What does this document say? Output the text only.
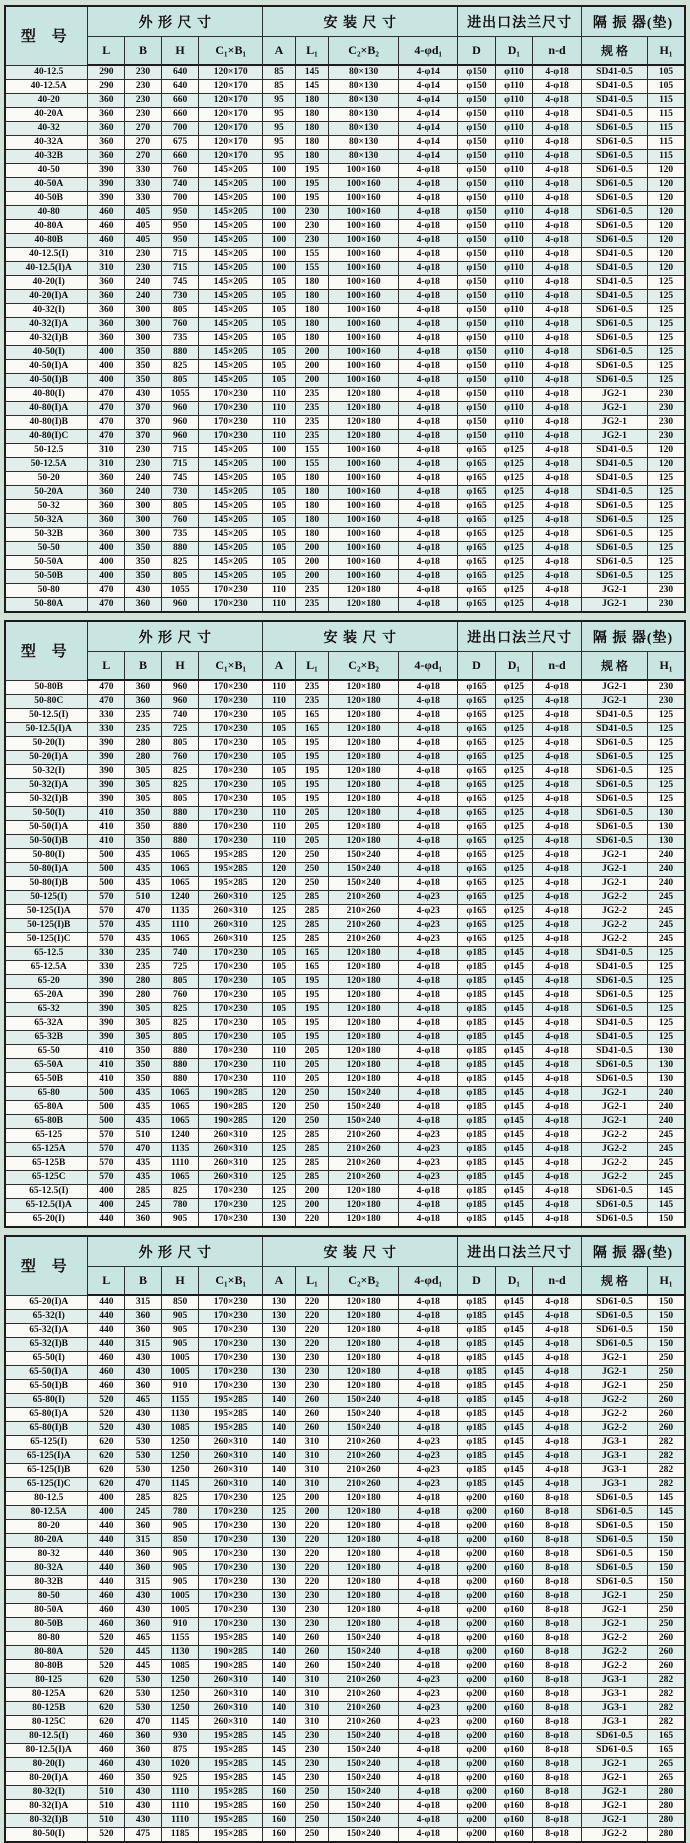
型 号	外 形 尺 寸				安 装 尺 寸				进出口法兰尺寸			隔 振 器(垫)	
	L	B	H	C₁×B₁	A	L₁	C₂×B₂	4-φd₁	D	D₁	n-d	规 格	H₁
40-12.5	290	230	640	120×170	85	145	80×130	4-φ14	φ150	φ110	4-φ18	SD41-0.5	105
40-12.5A	290	230	640	120×170	85	145	80×130	4-φ14	φ150	φ110	4-φ18	SD41-0.5	105
40-20	360	230	660	120×170	95	180	80×130	4-φ14	φ150	φ110	4-φ18	SD41-0.5	115
40-20A	360	230	660	120×170	95	180	80×130	4-φ14	φ150	φ110	4-φ18	SD41-0.5	115
40-32	360	270	700	120×170	95	180	80×130	4-φ14	φ150	φ110	4-φ18	SD61-0.5	115
40-32A	360	270	675	120×170	95	180	80×130	4-φ14	φ150	φ110	4-φ18	SD61-0.5	115
40-32B	360	270	660	120×170	95	180	80×130	4-φ14	φ150	φ110	4-φ18	SD61-0.5	115
40-50	390	330	760	145×205	100	195	100×160	4-φ18	φ150	φ110	4-φ18	SD61-0.5	120
40-50A	390	330	740	145×205	100	195	100×160	4-φ18	φ150	φ110	4-φ18	SD61-0.5	120
40-50B	390	330	700	145×205	100	195	100×160	4-φ18	φ150	φ110	4-φ18	SD61-0.5	120
40-80	460	405	950	145×205	100	230	100×160	4-φ18	φ150	φ110	4-φ18	SD61-0.5	120
40-80A	460	405	950	145×205	100	230	100×160	4-φ18	φ150	φ110	4-φ18	SD61-0.5	120
40-80B	460	405	950	145×205	100	230	100×160	4-φ18	φ150	φ110	4-φ18	SD61-0.5	120
40-12.5(I)	310	230	715	145×205	100	155	100×160	4-φ18	φ150	φ110	4-φ18	SD41-0.5	120
40-12.5(I)A	310	230	715	145×205	100	155	100×160	4-φ18	φ150	φ110	4-φ18	SD41-0.5	120
40-20(I)	360	240	745	145×205	105	180	100×160	4-φ18	φ150	φ110	4-φ18	SD41-0.5	125
40-20(I)A	360	240	730	145×205	105	180	100×160	4-φ18	φ150	φ110	4-φ18	SD41-0.5	125
40-32(I)	360	300	805	145×205	105	180	100×160	4-φ18	φ150	φ110	4-φ18	SD61-0.5	125
40-32(I)A	360	300	760	145×205	105	180	100×160	4-φ18	φ150	φ110	4-φ18	SD61-0.5	125
40-32(I)B	360	300	735	145×205	105	180	100×160	4-φ18	φ150	φ110	4-φ18	SD61-0.5	125
40-50(I)	400	350	880	145×205	105	200	100×160	4-φ18	φ150	φ110	4-φ18	SD61-0.5	125
40-50(I)A	400	350	825	145×205	105	200	100×160	4-φ18	φ150	φ110	4-φ18	SD61-0.5	125
40-50(I)B	400	350	805	145×205	105	200	100×160	4-φ18	φ150	φ110	4-φ18	SD61-0.5	125
40-80(I)	470	430	1055	170×230	110	235	120×180	4-φ18	φ150	φ110	4-φ18	JG2-1	230
40-80(I)A	470	370	960	170×230	110	235	120×180	4-φ18	φ150	φ110	4-φ18	JG2-1	230
40-80(I)B	470	370	960	170×230	110	235	120×180	4-φ18	φ150	φ110	4-φ18	JG2-1	230
40-80(I)C	470	370	960	170×230	110	235	120×180	4-φ18	φ150	φ110	4-φ18	JG2-1	230
50-12.5	310	230	715	145×205	100	155	100×160	4-φ18	φ165	φ125	4-φ18	SD41-0.5	120
50-12.5A	310	230	715	145×205	100	155	100×160	4-φ18	φ165	φ125	4-φ18	SD41-0.5	120
50-20	360	240	745	145×205	105	180	100×160	4-φ18	φ165	φ125	4-φ18	SD41-0.5	125
50-20A	360	240	730	145×205	105	180	100×160	4-φ18	φ165	φ125	4-φ18	SD41-0.5	125
50-32	360	300	805	145×205	105	180	100×160	4-φ18	φ165	φ125	4-φ18	SD61-0.5	125
50-32A	360	300	760	145×205	105	180	100×160	4-φ18	φ165	φ125	4-φ18	SD61-0.5	125
50-32B	360	300	735	145×205	105	180	100×160	4-φ18	φ165	φ125	4-φ18	SD61-0.5	125
50-50	400	350	880	145×205	105	200	100×160	4-φ18	φ165	φ125	4-φ18	SD61-0.5	125
50-50A	400	350	825	145×205	105	200	100×160	4-φ18	φ165	φ125	4-φ18	SD61-0.5	125
50-50B	400	350	805	145×205	105	200	100×160	4-φ18	φ165	φ125	4-φ18	SD61-0.5	125
50-80	470	430	1055	170×230	110	235	120×180	4-φ18	φ165	φ125	4-φ18	JG2-1	230
50-80A	470	360	960	170×230	110	235	120×180	4-φ18	φ165	φ125	4-φ18	JG2-1	230
型 号	外 形 尺 寸				安 装 尺 寸				进出口法兰尺寸			隔 振 器(垫)	
	L	B	H	C₁×B₁	A	L₁	C₂×B₂	4-φd₁	D	D₁	n-d	规 格	H₁
50-80B	470	360	960	170×230	110	235	120×180	4-φ18	φ165	φ125	4-φ18	JG2-1	230
50-80C	470	360	960	170×230	110	235	120×180	4-φ18	φ165	φ125	4-φ18	JG2-1	230
50-12.5(I)	330	235	740	170×230	105	165	120×180	4-φ18	φ165	φ125	4-φ18	SD41-0.5	125
50-12.5(I)A	330	235	725	170×230	105	165	120×180	4-φ18	φ165	φ125	4-φ18	SD41-0.5	125
50-20(I)	390	280	805	170×230	105	195	120×180	4-φ18	φ165	φ125	4-φ18	SD61-0.5	125
50-20(I)A	390	280	760	170×230	105	195	120×180	4-φ18	φ165	φ125	4-φ18	SD61-0.5	125
50-32(I)	390	305	825	170×230	105	195	120×180	4-φ18	φ165	φ125	4-φ18	SD61-0.5	125
50-32(I)A	390	305	825	170×230	105	195	120×180	4-φ18	φ165	φ125	4-φ18	SD61-0.5	125
50-32(I)B	390	305	805	170×230	105	195	120×180	4-φ18	φ165	φ125	4-φ18	SD61-0.5	125
50-50(I)	410	350	880	170×230	110	205	120×180	4-φ18	φ165	φ125	4-φ18	SD61-0.5	130
50-50(I)A	410	350	880	170×230	110	205	120×180	4-φ18	φ165	φ125	4-φ18	SD61-0.5	130
50-50(I)B	410	350	880	170×230	110	205	120×180	4-φ18	φ165	φ125	4-φ18	SD61-0.5	130
50-80(I)	500	435	1065	195×285	120	250	150×240	4-φ18	φ165	φ125	4-φ18	JG2-1	240
50-80(I)A	500	435	1065	195×285	120	250	150×240	4-φ18	φ165	φ125	4-φ18	JG2-1	240
50-80(I)B	500	435	1065	195×285	120	250	150×240	4-φ18	φ165	φ125	4-φ18	JG2-1	240
50-125(I)	570	510	1240	260×310	125	285	210×260	4-φ23	φ165	φ125	4-φ18	JG2-2	245
50-125(I)A	570	470	1135	260×310	125	285	210×260	4-φ23	φ165	φ125	4-φ18	JG2-2	245
50-125(I)B	570	435	1110	260×310	125	285	210×260	4-φ23	φ165	φ125	4-φ18	JG2-2	245
50-125(I)C	570	435	1065	260×310	125	285	210×260	4-φ23	φ165	φ125	4-φ18	JG2-2	245
65-12.5	330	235	740	170×230	105	165	120×180	4-φ18	φ185	φ145	4-φ18	SD41-0.5	125
65-12.5A	330	235	725	170×230	105	165	120×180	4-φ18	φ185	φ145	4-φ18	SD41-0.5	125
65-20	390	280	805	170×230	105	195	120×180	4-φ18	φ185	φ145	4-φ18	SD61-0.5	125
65-20A	390	280	760	170×230	105	195	120×180	4-φ18	φ185	φ145	4-φ18	SD61-0.5	125
65-32	390	305	825	170×230	105	195	120×180	4-φ18	φ185	φ145	4-φ18	SD61-0.5	125
65-32A	390	305	825	170×230	105	195	120×180	4-φ18	φ185	φ145	4-φ18	SD41-0.5	125
65-32B	390	305	805	170×230	105	195	120×180	4-φ18	φ185	φ145	4-φ18	SD41-0.5	125
65-50	410	350	880	170×230	110	205	120×180	4-φ18	φ185	φ145	4-φ18	SD41-0.5	130
65-50A	410	350	880	170×230	110	205	120×180	4-φ18	φ185	φ145	4-φ18	SD61-0.5	130
65-50B	410	350	880	170×230	110	205	120×180	4-φ18	φ185	φ145	4-φ18	SD61-0.5	130
65-80	500	435	1065	190×285	120	250	150×240	4-φ18	φ185	φ145	4-φ18	JG2-1	240
65-80A	500	435	1065	190×285	120	250	150×240	4-φ18	φ185	φ145	4-φ18	JG2-1	240
65-80B	500	435	1065	190×285	120	250	150×240	4-φ18	φ185	φ145	4-φ18	JG2-1	240
65-125	570	510	1240	260×310	125	285	210×260	4-φ23	φ185	φ145	4-φ18	JG2-2	245
65-125A	570	470	1135	260×310	125	285	210×260	4-φ23	φ185	φ145	4-φ18	JG2-2	245
65-125B	570	435	1110	260×310	125	285	210×260	4-φ23	φ185	φ145	4-φ18	JG2-2	245
65-125C	570	435	1065	260×310	125	285	210×260	4-φ23	φ185	φ145	4-φ18	JG2-2	245
65-12.5(I)	400	285	825	170×230	125	200	120×180	4-φ18	φ185	φ145	4-φ18	SD61-0.5	145
65-12.5(I)A	400	245	780	170×230	125	200	120×180	4-φ18	φ185	φ145	4-φ18	SD61-0.5	145
65-20(I)	440	360	905	170×230	130	220	120×180	4-φ18	φ185	φ145	4-φ18	SD61-0.5	150
型 号	外 形 尺 寸				安 装 尺 寸				进出口法兰尺寸			隔 振 器(垫)	
	L	B	H	C₁×B₁	A	L₁	C₂×B₂	4-φd₁	D	D₁	n-d	规 格	H₁
65-20(I)A	440	315	850	170×230	130	220	120×180	4-φ18	φ185	φ145	4-φ18	SD61-0.5	150
65-32(I)	440	360	905	170×230	130	220	120×180	4-φ18	φ185	φ145	4-φ18	SD61-0.5	150
65-32(I)A	440	360	905	170×230	130	220	120×180	4-φ18	φ185	φ145	4-φ18	SD61-0.5	150
65-32(I)B	440	315	905	170×230	130	220	120×180	4-φ18	φ185	φ145	4-φ18	SD61-0.5	150
65-50(I)	460	430	1005	170×230	130	230	120×180	4-φ18	φ185	φ145	4-φ18	JG2-1	250
65-50(I)A	460	430	1005	170×230	130	230	120×180	4-φ18	φ185	φ145	4-φ18	JG2-1	250
65-50(I)B	460	360	910	170×230	130	230	120×180	4-φ18	φ185	φ145	4-φ18	JG2-1	250
65-80(I)	520	465	1155	195×285	140	260	150×240	4-φ18	φ185	φ145	4-φ18	JG2-2	260
65-80(I)A	520	430	1130	195×285	140	260	150×240	4-φ18	φ185	φ145	4-φ18	JG2-2	260
65-80(I)B	520	430	1085	195×285	140	260	150×240	4-φ18	φ185	φ145	4-φ18	JG2-2	260
65-125(I)	620	530	1250	260×310	140	310	210×260	4-φ23	φ185	φ145	4-φ18	JG3-1	282
65-125(I)A	620	530	1250	260×310	140	310	210×260	4-φ23	φ185	φ145	4-φ18	JG3-1	282
65-125(I)B	620	530	1250	260×310	140	310	210×260	4-φ23	φ185	φ145	4-φ18	JG3-1	282
65-125(I)C	620	470	1145	260×310	140	310	210×260	4-φ23	φ185	φ145	4-φ18	JG3-1	282
80-12.5	400	285	825	170×230	125	200	120×180	4-φ18	φ200	φ160	8-φ18	SD61-0.5	145
80-12.5A	400	245	780	170×230	125	200	120×180	4-φ18	φ200	φ160	8-φ18	SD61-0.5	145
80-20	440	360	905	170×230	130	220	120×180	4-φ18	φ200	φ160	8-φ18	SD61-0.5	150
80-20A	440	315	850	170×230	130	220	120×180	4-φ18	φ200	φ160	8-φ18	SD61-0.5	150
80-32	440	360	905	170×230	130	220	120×180	4-φ18	φ200	φ160	8-φ18	SD61-0.5	150
80-32A	440	360	905	170×230	130	220	120×180	4-φ18	φ200	φ160	8-φ18	SD61-0.5	150
80-32B	440	315	905	170×230	130	220	120×180	4-φ18	φ200	φ160	8-φ18	SD61-0.5	150
80-50	460	430	1005	170×230	130	230	120×180	4-φ18	φ200	φ160	8-φ18	JG2-1	250
80-50A	460	430	1005	170×230	130	230	120×180	4-φ18	φ200	φ160	8-φ18	JG2-1	250
80-50B	460	360	910	170×230	130	230	120×180	4-φ18	φ200	φ160	8-φ18	JG2-1	250
80-80	520	465	1155	195×285	140	260	150×240	4-φ18	φ200	φ160	8-φ18	JG2-2	260
80-80A	520	445	1130	190×285	140	260	150×240	4-φ18	φ200	φ160	8-φ18	JG2-2	260
80-80B	520	445	1085	190×285	140	260	150×240	4-φ18	φ200	φ160	8-φ18	JG2-2	260
80-125	620	530	1250	260×310	140	310	210×260	4-φ23	φ200	φ160	8-φ18	JG3-1	282
80-125A	620	530	1250	260×310	140	310	210×260	4-φ23	φ200	φ160	8-φ18	JG3-1	282
80-125B	620	530	1250	260×310	140	310	210×260	4-φ23	φ200	φ160	8-φ18	JG3-1	282
80-125C	620	470	1145	260×310	140	310	210×260	4-φ23	φ200	φ160	8-φ18	JG3-1	282
80-12.5(I)	460	360	930	195×285	145	230	150×240	4-φ18	φ200	φ160	8-φ18	SD61-0.5	165
80-12.5(I)A	460	360	875	195×285	145	230	150×240	4-φ18	φ200	φ160	8-φ18	SD61-0.5	165
80-20(I)	460	430	1020	195×285	145	230	150×240	4-φ18	φ200	φ160	8-φ18	JG2-1	265
80-20(I)A	460	350	925	195×285	145	230	150×240	4-φ18	φ200	φ160	8-φ18	JG2-1	265
80-32(I)	510	430	1110	195×285	160	250	150×240	4-φ18	φ200	φ160	8-φ18	JG2-1	280
80-32(I)A	510	430	1110	195×285	160	250	150×240	4-φ18	φ200	φ160	8-φ18	JG2-1	280
80-32(I)B	510	430	1110	195×285	160	250	150×240	4-φ18	φ200	φ160	8-φ18	JG2-1	280
80-50(I)	520	475	1185	195×285	160	250	150×240	4-φ18	φ200	φ160	8-φ18	JG2-2	280
